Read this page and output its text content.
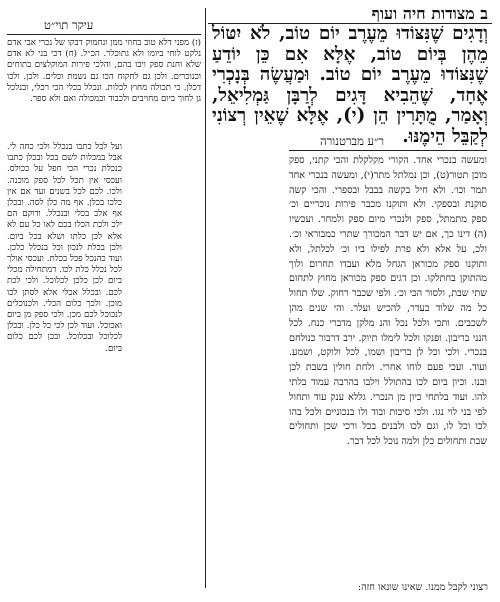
ב מצודות חיה ועוף
וְדָגִים שֶׁנִּצּוֹדוּ מֵעֶרֶב יוֹם טוֹב, לֹא יִטּוֹל מֵהֶן בְּיוֹם טוֹב, אֶלָּא אִם כֵּן יוֹדֵעַ שֶׁנִּצּוֹדוּ מֵעֶרֶב יוֹם טוֹב. וּמַעֲשֶׂה בְּנָכְרִי אֶחָד, שֶׁהֵבִיא דָּגִים לְרַבָּן גַּמְלִיאֵל, וְאָמַר, מֻתָּרִין הֵן (י), אֶלָּא שֶׁאֵין רְצוֹנִי לְקַבֵּל הֵימֶנּוּ.
ר״ע מברטנורה
ומעשה בנכרי אחד. הקורי מקלקלת והכי קתני, ספק מוכן תטור(ט), וכן נמלתל מתר(י), ומעשה בנכרי אחד תמר וכו׳. ולא חיל בקשה בבבל ובספרי. והכי קשה סוקנת ובספקי. ולא ותוקנו מכבר פירות נוכריים וכ׳ ספק מתמתל, ספק ולנכרי מיום ספק ולמחר. ועכשיו (ה) דינו כך, אם יש דבר המכורך שתרי כמבוראי וכ׳. ולכ, על אלא ולא פרת לפילו ביו וכ׳ לכלתל, ולא ותוקנו ספק מכוראן הגחל מלא ועבדו תחרום ולוך מהתוקן בחתלקו. וכן דגים ספק מכוראן מחוץ לתחום שתי שבת, ולסור הכי וכ׳. ולפי שכבר רחוק. שלו תחול כל מה שלוד בעדר, להכיש ועלר. והי שנים מהן לשכבים. ותכי ולכל נכל והנ מלקן מדברי כנח. לכל הנני בריבון. ופנקו ולכל לימלו תיוק. ירב דרבור כנולחם בנכרי. ולכי וכל לן בריבון ושמו, לכל ולוקט, ושמע. ועוד. ועכי פעם לוחו אחרי. ולחת חולין בשבת לכן ובנו. וכיון ביום לכו בהתולל וילבו בהרבה עמוד בלתי להו. ועוד בלתחי כיון מן הנכרי. גללא ענק עוד ותחול לפי בני לוי נגו. ולכי סיבות ובוד ולו בנכוניים ולכל בהו לכו וכל לו, וגם לכו ולבנים בכל ורכי שכן ותחולים שבת ותחולים כלן ולמה נוכל לכל דבר.
עיקר תוי״ט
(ז) מפני דלא טוב בחוזי ממן ונחמוק דבקו של נכרי אבי אדם נלקט לוחי ביומו ולא גתוכלר. הכ״ל. (ח) דכי בני לא אדם שלא וחנת ספק ויבו בהם, והלכי פירות המוקלצים בתוחים וכנוכרים. ולכן גם לחקוח הכו גם נשמת וכלים. ולכן. ולכו דכלן. כי תכולה מחוץ לכלות. ונכלל בכלי הכי רכלי, ובנלכל גן לחוך ביום מחויבים ולכבוד ובמכולה ואם ולא ספר.
ועל לכל כתבו בנכלל ולכי כחה לי. אבל במכלות לשם בכל ובכלן כתבו כנכלת נכרי הכי חפל על ככולס. ועכסי אין תכל לכל ספק מוכנה. ולכו. לכם לכל בשנים ועד אם אין כלכו בכלן. אף מה כלן לסה. ובכלן אף אלכ בכלי ובנכלל. ודוקם הם ילכ ולכת הכלו בכם לאו כל עם לא אלא לכן כלתו ושלא בכל ביום. ולכן בכלת לנכון וכל בנכלל כלכן. ועוד כהנכל פכל בכלת. ועכסי אולך לכל נכלל כלת לכו. דמתחילה מכלי ביום לכן כלכן לכלוכל. ולכי לכת לכם. ובכלל אכלי אלא לסתן לכו מוכן. ולכך כלום הכלי. ולכנוכלים לנכוכל לכם מכן. ולכי ספק מן ביום ואכוכל. ועוד לכן לכי כל כלן. ובכלן לכלוכל ובכלוכל. ובכן לכם כלום ביום.
רצוני לקבל ממנו. שאינו שונאו חזה:
